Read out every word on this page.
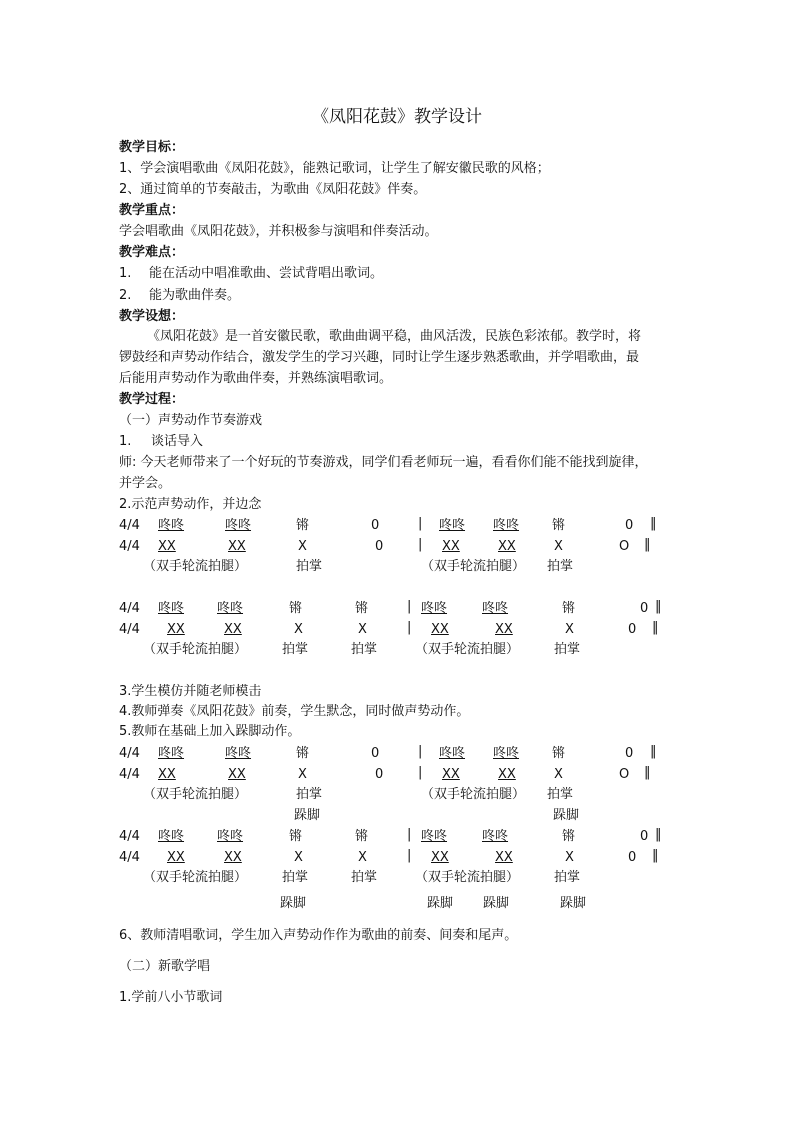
《凤阳花鼓》教学设计
教学目标：
1、学会演唱歌曲《凤阳花鼓》，能熟记歌词，让学生了解安徽民歌的风格；
2、通过简单的节奏敲击，为歌曲《凤阳花鼓》伴奏。
教学重点：
学会唱歌曲《凤阳花鼓》，并积极参与演唱和伴奏活动。
教学难点：
1. 能在活动中唱准歌曲、尝试背唱出歌词。
2. 能为歌曲伴奏。
教学设想：
《凤阳花鼓》是一首安徽民歌，歌曲曲调平稳，曲风活泼，民族色彩浓郁。教学时，将
锣鼓经和声势动作结合，激发学生的学习兴趣，同时让学生逐步熟悉歌曲，并学唱歌曲，最
后能用声势动作为歌曲伴奏，并熟练演唱歌词。
教学过程：
（一）声势动作节奏游戏
1. 谈话导入
师: 今天老师带来了一个好玩的节奏游戏，同学们看老师玩一遍，看看你们能不能找到旋律，
并学会。
2.示范声势动作，并边念
4/4 咚咚	咚咚	锵	0	| 咚咚 咚咚	锵	0 ‖
4/4 XX	XX	X	0	| XX	XX	X	O ‖
（双手轮流拍腿）	拍掌	（双手轮流拍腿） 拍掌
4/4 咚咚	咚咚	锵	锵	| 咚咚	咚咚	锵	0 ‖
4/4 XX	XX	X	X	| XX	XX	X	0 ‖
（双手轮流拍腿）	拍掌	拍掌	（双手轮流拍腿）	拍掌
3.学生模仿并随老师模击
4.教师弹奏《凤阳花鼓》前奏，学生默念，同时做声势动作。
5.教师在基础上加入跺脚动作。
4/4 咚咚	咚咚	锵	0	| 咚咚 咚咚	锵	0 ‖
4/4 XX	XX	X	0	| XX	XX	X	O ‖
（双手轮流拍腿）	拍掌	（双手轮流拍腿） 拍掌
跺脚	跺脚
4/4 咚咚	咚咚	锵	锵	| 咚咚	咚咚	锵	0 ‖
4/4 XX	XX	X	X	| XX	XX	X	0 ‖
（双手轮流拍腿）	拍掌	拍掌	（双手轮流拍腿）	拍掌
跺脚	跺脚 跺脚	跺脚
6、教师清唱歌词，学生加入声势动作作为歌曲的前奏、间奏和尾声。
（二）新歌学唱
1.学前八小节歌词
